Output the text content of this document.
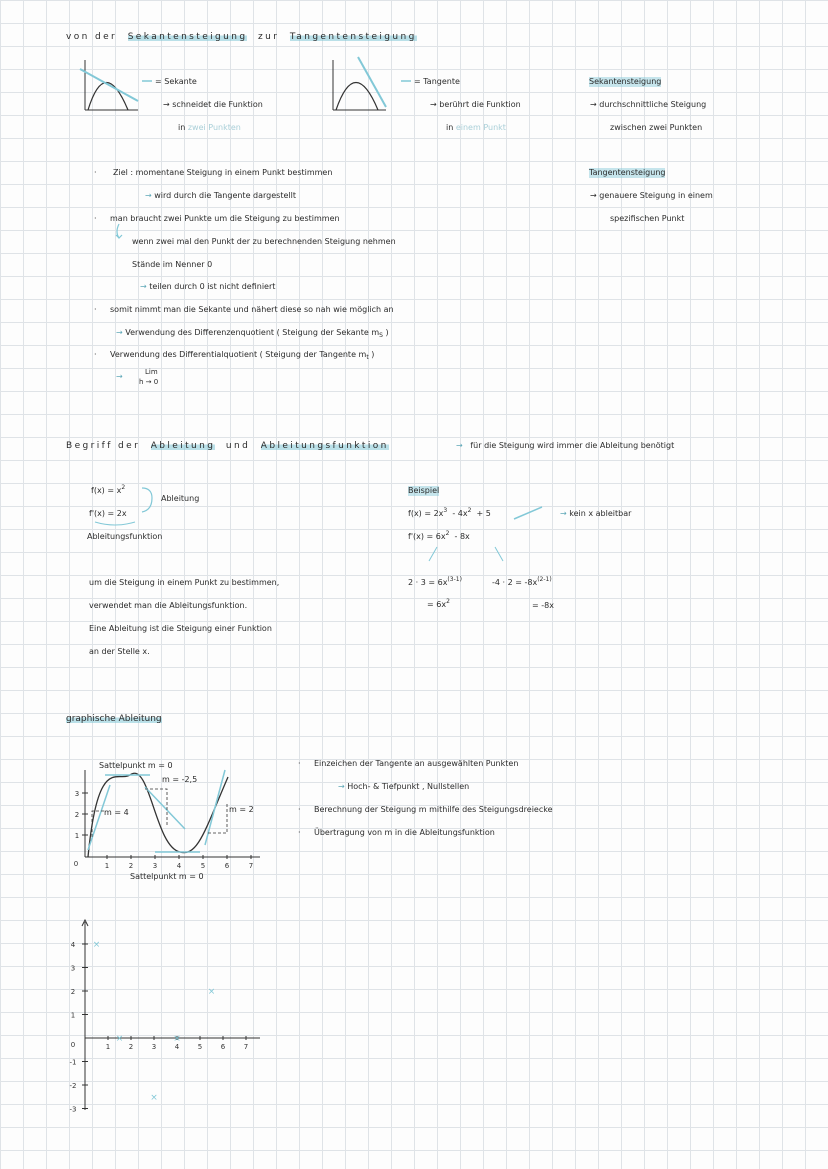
von der Sekantensteigung zur Tangentensteigung
= Sekante
→ schneidet die Funktion
in zwei Punkten
= Tangente
→ berührt die Funktion
in einem Punkt
Sekantensteigung
→ durchschnittliche Steigung
zwischen zwei Punkten
Tangentensteigung
→ genauere Steigung in einem
spezifischen Punkt
· Ziel : momentane Steigung in einem Punkt bestimmen
→ wird durch die Tangente dargestellt
· man braucht zwei Punkte um die Steigung zu bestimmen
wenn zwei mal den Punkt der zu berechnenden Steigung nehmen
Stände im Nenner 0
→ teilen durch 0 ist nicht definiert
· somit nimmt man die Sekante und nähert diese so nah wie möglich an
→ Verwendung des Differenzenquotient ( Steigung der Sekante $m_S$ )
· Verwendung des Differentialquotient ( Steigung der Tangente $m_t$ )
→	Lim
h → 0
Begriff der Ableitung und Ableitungsfunktion	→ für die Steigung wird immer die Ableitung benötigt
$f(x) = x^2$
f'(x) = 2x
Ableitung
Ableitungsfunktion
um die Steigung in einem Punkt zu bestimmen,
verwendet man die Ableitungsfunktion.
Eine Ableitung ist die Steigung einer Funktion
an der Stelle x.
Beispiel
$f(x) = 2x^3 - 4x^2 + 5$	→ kein x ableitbar
$f'(x) = 6x^2 - 8x$
$2 \cdot 3 = 6x^{(3-1)}$	$-4 \cdot 2 = -8x^{(2-1)}$
= $6x^2$	= -8x
graphische Ableitung
Sattelpunkt m = 0
m = -2,5
m = 4	m = 2
Sattelpunkt m = 0
1	2	3	4	5	6	7
3
2
1
0
· Einzeichen der Tangente an ausgewählten Punkten
→ Hoch- & Tiefpunkt , Nullstellen
· Berechnung der Steigung m mithilfe des Steigungsdreiecke
· Übertragung von m in die Ableitungsfunktion
1	2	3	4	5	6	7
4
3
2
1
0
-1
-2
-3
×
×
×
×
×
